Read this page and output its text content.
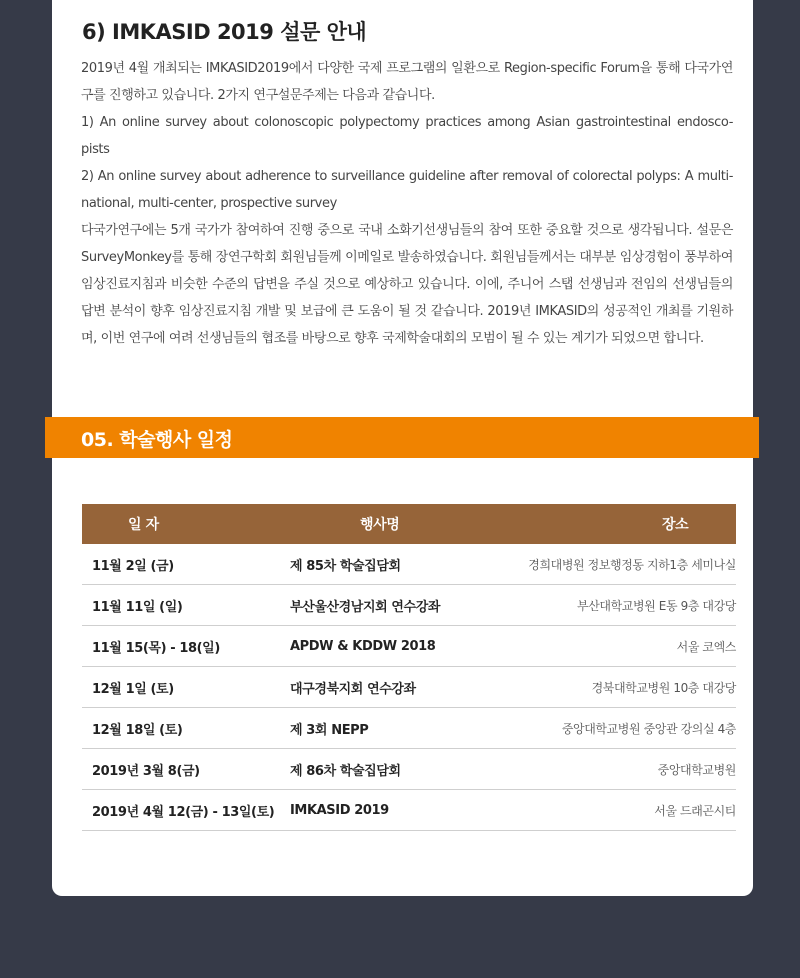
6) IMKASID 2019 설문 안내

2019년 4월 개최되는 IMKASID2019에서 다양한 국제 프로그램의 일환으로 Region-specific Forum을 통해 다국가연구를 진행하고 있습니다. 2가지 연구설문주제는 다음과 같습니다.

1) An online survey about colonoscopic polypectomy practices among Asian gastrointestinal endosco-pists

2) An online survey about adherence to surveillance guideline after removal of colorectal polyps: A multi-national, multi-center, prospective survey

다국가연구에는 5개 국가가 참여하여 진행 중으로 국내 소화기선생님들의 참여 또한 중요할 것으로 생각됩니다. 설문은 SurveyMonkey를 통해 장연구학회 회원님들께 이메일로 발송하였습니다. 회원님들께서는 대부분 임상경험이 풍부하여 임상진료지침과 비슷한 수준의 답변을 주실 것으로 예상하고 있습니다. 이에, 주니어 스탭 선생님과 전임의 선생님들의 답변 분석이 향후 임상진료지침 개발 및 보급에 큰 도움이 될 것 같습니다. 2019년 IMKASID의 성공적인 개최를 기원하며, 이번 연구에 여려 선생님들의 협조를 바탕으로 향후 국제학술대회의 모범이 될 수 있는 계기가 되었으면 합니다.

05. 학술행사 일정
일 자	행사명	장소
11월 2일 (금)	제 85차 학술집담회	경희대병원 정보행정동 지하1층 세미나실
11월 11일 (일)	부산울산경남지회 연수강좌	부산대학교병원 E동 9층 대강당
11월 15(목) - 18(일)	APDW & KDDW 2018	서울 코엑스
12월 1일 (토)	대구경북지회 연수강좌	경북대학교병원 10층 대강당
12월 18일 (토)	제 3회 NEPP	중앙대학교병원 중앙관 강의실 4층
2019년 3월 8(금)	제 86차 학술집담회	중앙대학교병원
2019년 4월 12(금) - 13일(토)	IMKASID 2019	서울 드래곤시티
